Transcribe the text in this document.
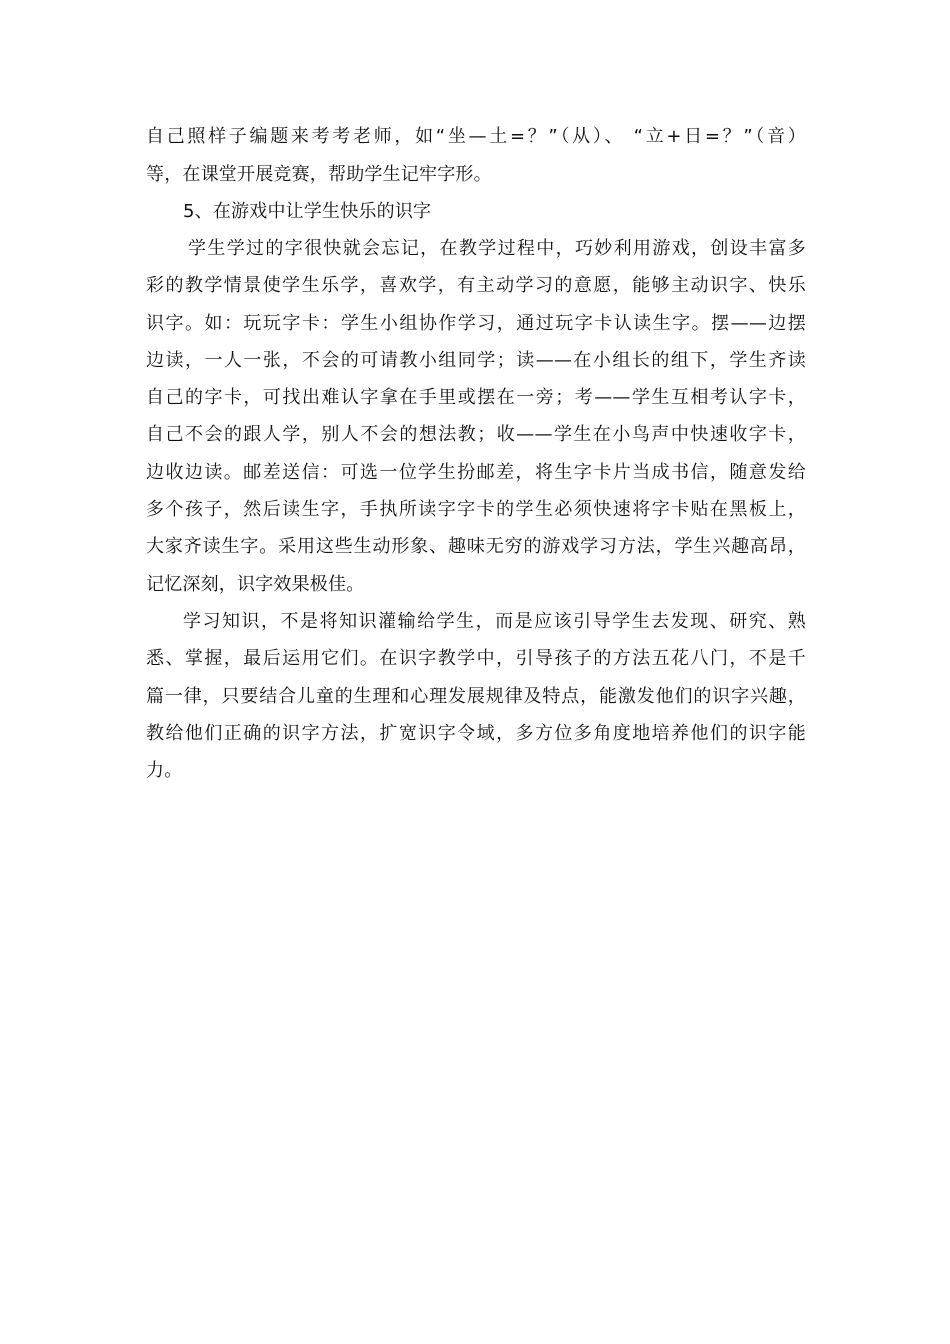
自己照样子编题来考考老师，如“坐—土=？”（从）、 “立+日=？”（音）
等，在课堂开展竞赛，帮助学生记牢字形。
5、在游戏中让学生快乐的识字
学生学过的字很快就会忘记，在教学过程中，巧妙利用游戏，创设丰富多
彩的教学情景使学生乐学，喜欢学，有主动学习的意愿，能够主动识字、快乐
识字。如：玩玩字卡：学生小组协作学习，通过玩字卡认读生字。摆——边摆
边读，一人一张，不会的可请教小组同学；读——在小组长的组下，学生齐读
自己的字卡，可找出难认字拿在手里或摆在一旁；考——学生互相考认字卡，
自己不会的跟人学，别人不会的想法教；收——学生在小鸟声中快速收字卡，
边收边读。邮差送信：可选一位学生扮邮差，将生字卡片当成书信，随意发给
多个孩子，然后读生字，手执所读字字卡的学生必须快速将字卡贴在黑板上，
大家齐读生字。采用这些生动形象、趣味无穷的游戏学习方法，学生兴趣高昂，
记忆深刻，识字效果极佳。
学习知识，不是将知识灌输给学生，而是应该引导学生去发现、研究、熟
悉、掌握，最后运用它们。在识字教学中，引导孩子的方法五花八门，不是千
篇一律，只要结合儿童的生理和心理发展规律及特点，能激发他们的识字兴趣，
教给他们正确的识字方法，扩宽识字令域，多方位多角度地培养他们的识字能
力。
